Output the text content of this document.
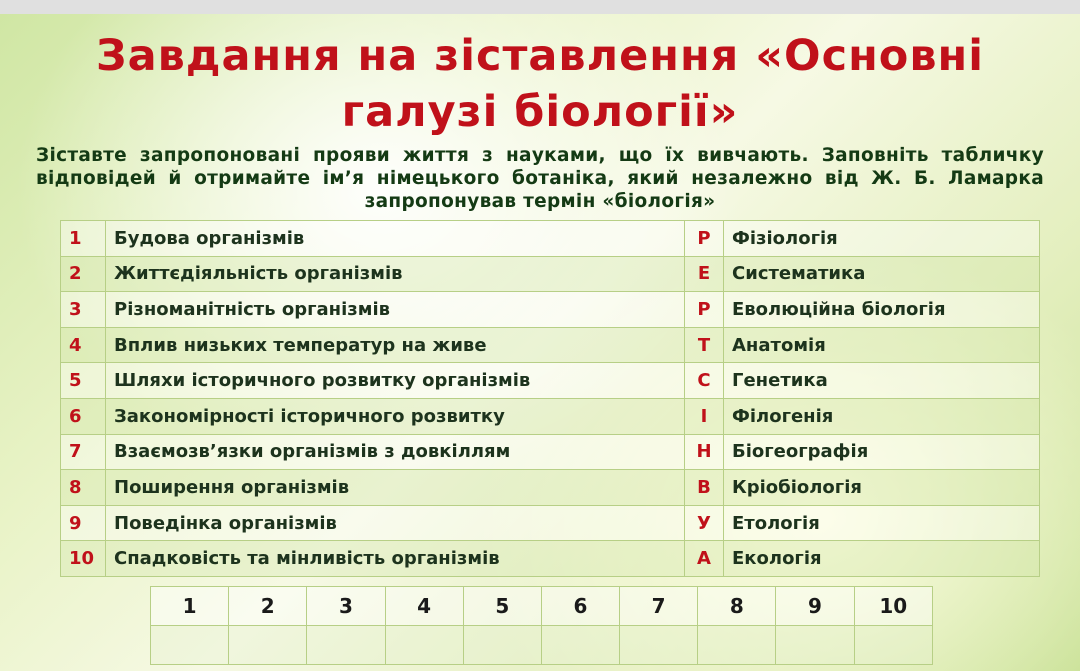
Завдання на зіставлення «Основні галузі біології»

Зіставте запропоновані прояви життя з науками, що їх вивчають. Заповніть табличку відповідей й отримайте ім’я німецького ботаніка, який незалежно від Ж. Б. Ламарка запропонував термін «біологія»

1	Будова організмів	Р	Фізіологія
2	Життєдіяльність організмів	Е	Систематика
3	Різноманітність організмів	Р	Еволюційна біологія
4	Вплив низьких температур на живе	Т	Анатомія
5	Шляхи історичного розвитку організмів	С	Генетика
6	Закономірності історичного розвитку	І	Філогенія
7	Взаємозв’язки організмів з довкіллям	Н	Біогеографія
8	Поширення організмів	В	Кріобіологія
9	Поведінка організмів	У	Етологія
10	Спадковість та мінливість організмів	А	Екологія
1	2	3	4	5	6	7	8	9	10
